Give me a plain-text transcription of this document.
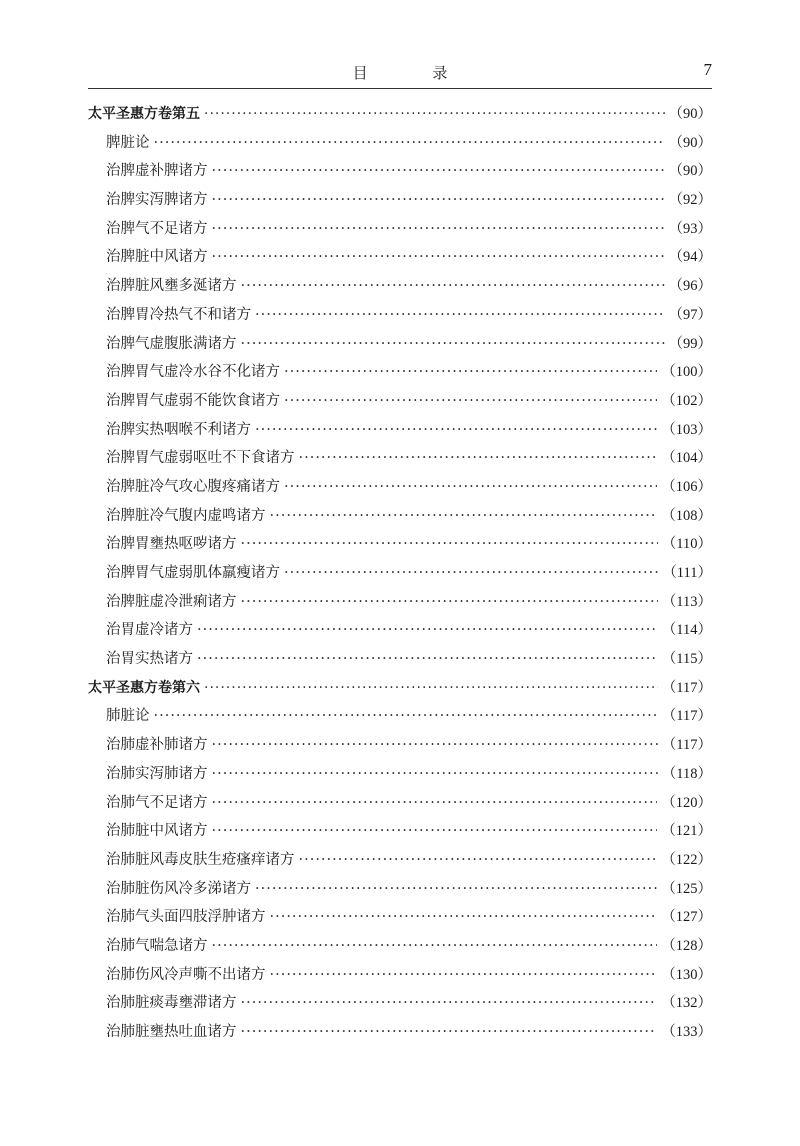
目 录	7
太平圣惠方卷第五 ·····	（90）
脾脏论 ·····	（90）
治脾虚补脾诸方 ·····	（90）
治脾实泻脾诸方 ·····	（92）
治脾气不足诸方 ·····	（93）
治脾脏中风诸方 ·····	（94）
治脾脏风壅多涎诸方 ·····	（96）
治脾胃冷热气不和诸方 ·····	（97）
治脾气虚腹胀满诸方 ·····	（99）
治脾胃气虚冷水谷不化诸方 ·····	（100）
治脾胃气虚弱不能饮食诸方 ·····	（102）
治脾实热咽喉不利诸方 ·····	（103）
治脾胃气虚弱呕吐不下食诸方 ·····	（104）
治脾脏冷气攻心腹疼痛诸方 ·····	（106）
治脾脏冷气腹内虚鸣诸方 ·····	（108）
治脾胃壅热呕哕诸方 ·····	（110）
治脾胃气虚弱肌体羸瘦诸方 ·····	（111）
治脾脏虚冷泄痢诸方 ·····	（113）
治胃虚冷诸方 ·····	（114）
治胃实热诸方 ·····	（115）
太平圣惠方卷第六 ·····	（117）
肺脏论 ·····	（117）
治肺虚补肺诸方 ·····	（117）
治肺实泻肺诸方 ·····	（118）
治肺气不足诸方 ·····	（120）
治肺脏中风诸方 ·····	（121）
治肺脏风毒皮肤生疮瘙痒诸方 ·····	（122）
治肺脏伤风冷多涕诸方 ·····	（125）
治肺气头面四肢浮肿诸方 ·····	（127）
治肺气喘急诸方 ·····	（128）
治肺伤风冷声嘶不出诸方 ·····	（130）
治肺脏痰毒壅滞诸方 ·····	（132）
治肺脏壅热吐血诸方 ·····	（133）
